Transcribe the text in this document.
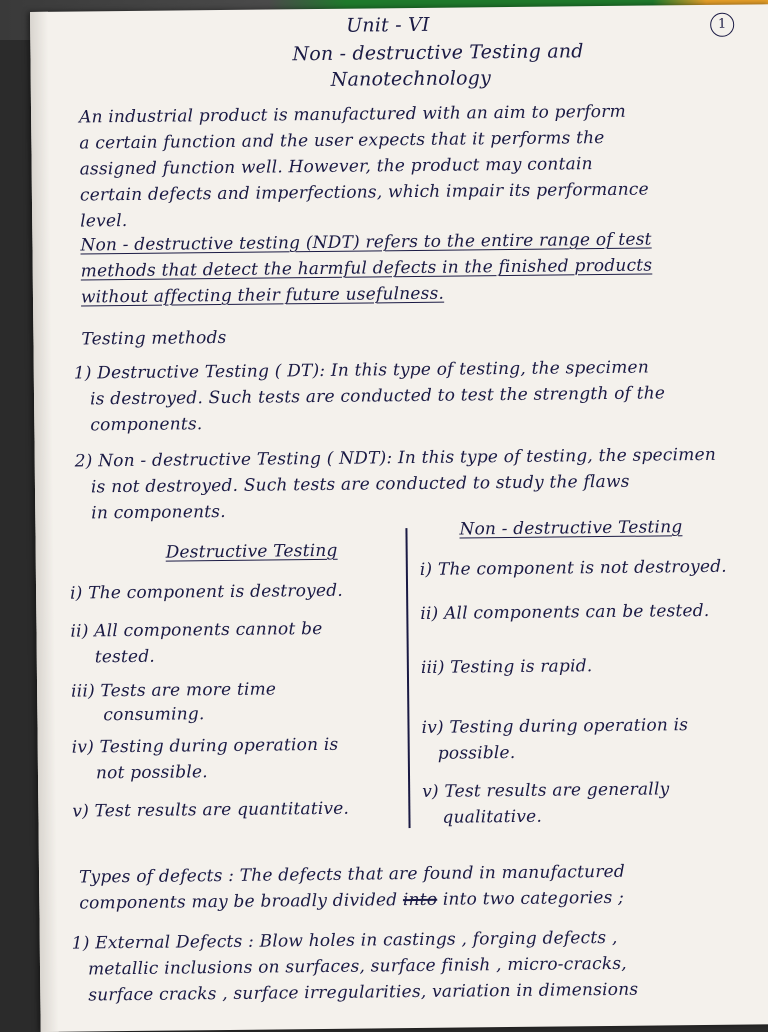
Unit - VI	1
Non - destructive Testing and
Nanotechnology
An industrial product is manufactured with an aim to perform
a certain function and the user expects that it performs the
assigned function well. However, the product may contain
certain defects and imperfections, which impair its performance
level.
Non - destructive testing (NDT) refers to the entire range of test
methods that detect the harmful defects in the finished products
without affecting their future usefulness.
Testing methods
1) Destructive Testing ( DT): In this type of testing, the specimen
is destroyed. Such tests are conducted to test the strength of the
components.
2) Non - destructive Testing ( NDT): In this type of testing, the specimen
is not destroyed. Such tests are conducted to study the flaws
in components.
Destructive Testing
Non - destructive Testing
i) The component is destroyed.
ii) All components cannot be
tested.
iii) Tests are more time
consuming.
iv) Testing during operation is
not possible.
v) Test results are quantitative.
i) The component is not destroyed.
ii) All components can be tested.
iii) Testing is rapid.
iv) Testing during operation is
possible.
v) Test results are generally
qualitative.
Types of defects : The defects that are found in manufactured
components may be broadly divided into into two categories ;
1) External Defects : Blow holes in castings , forging defects ,
metallic inclusions on surfaces, surface finish , micro-cracks,
surface cracks , surface irregularities, variation in dimensions
